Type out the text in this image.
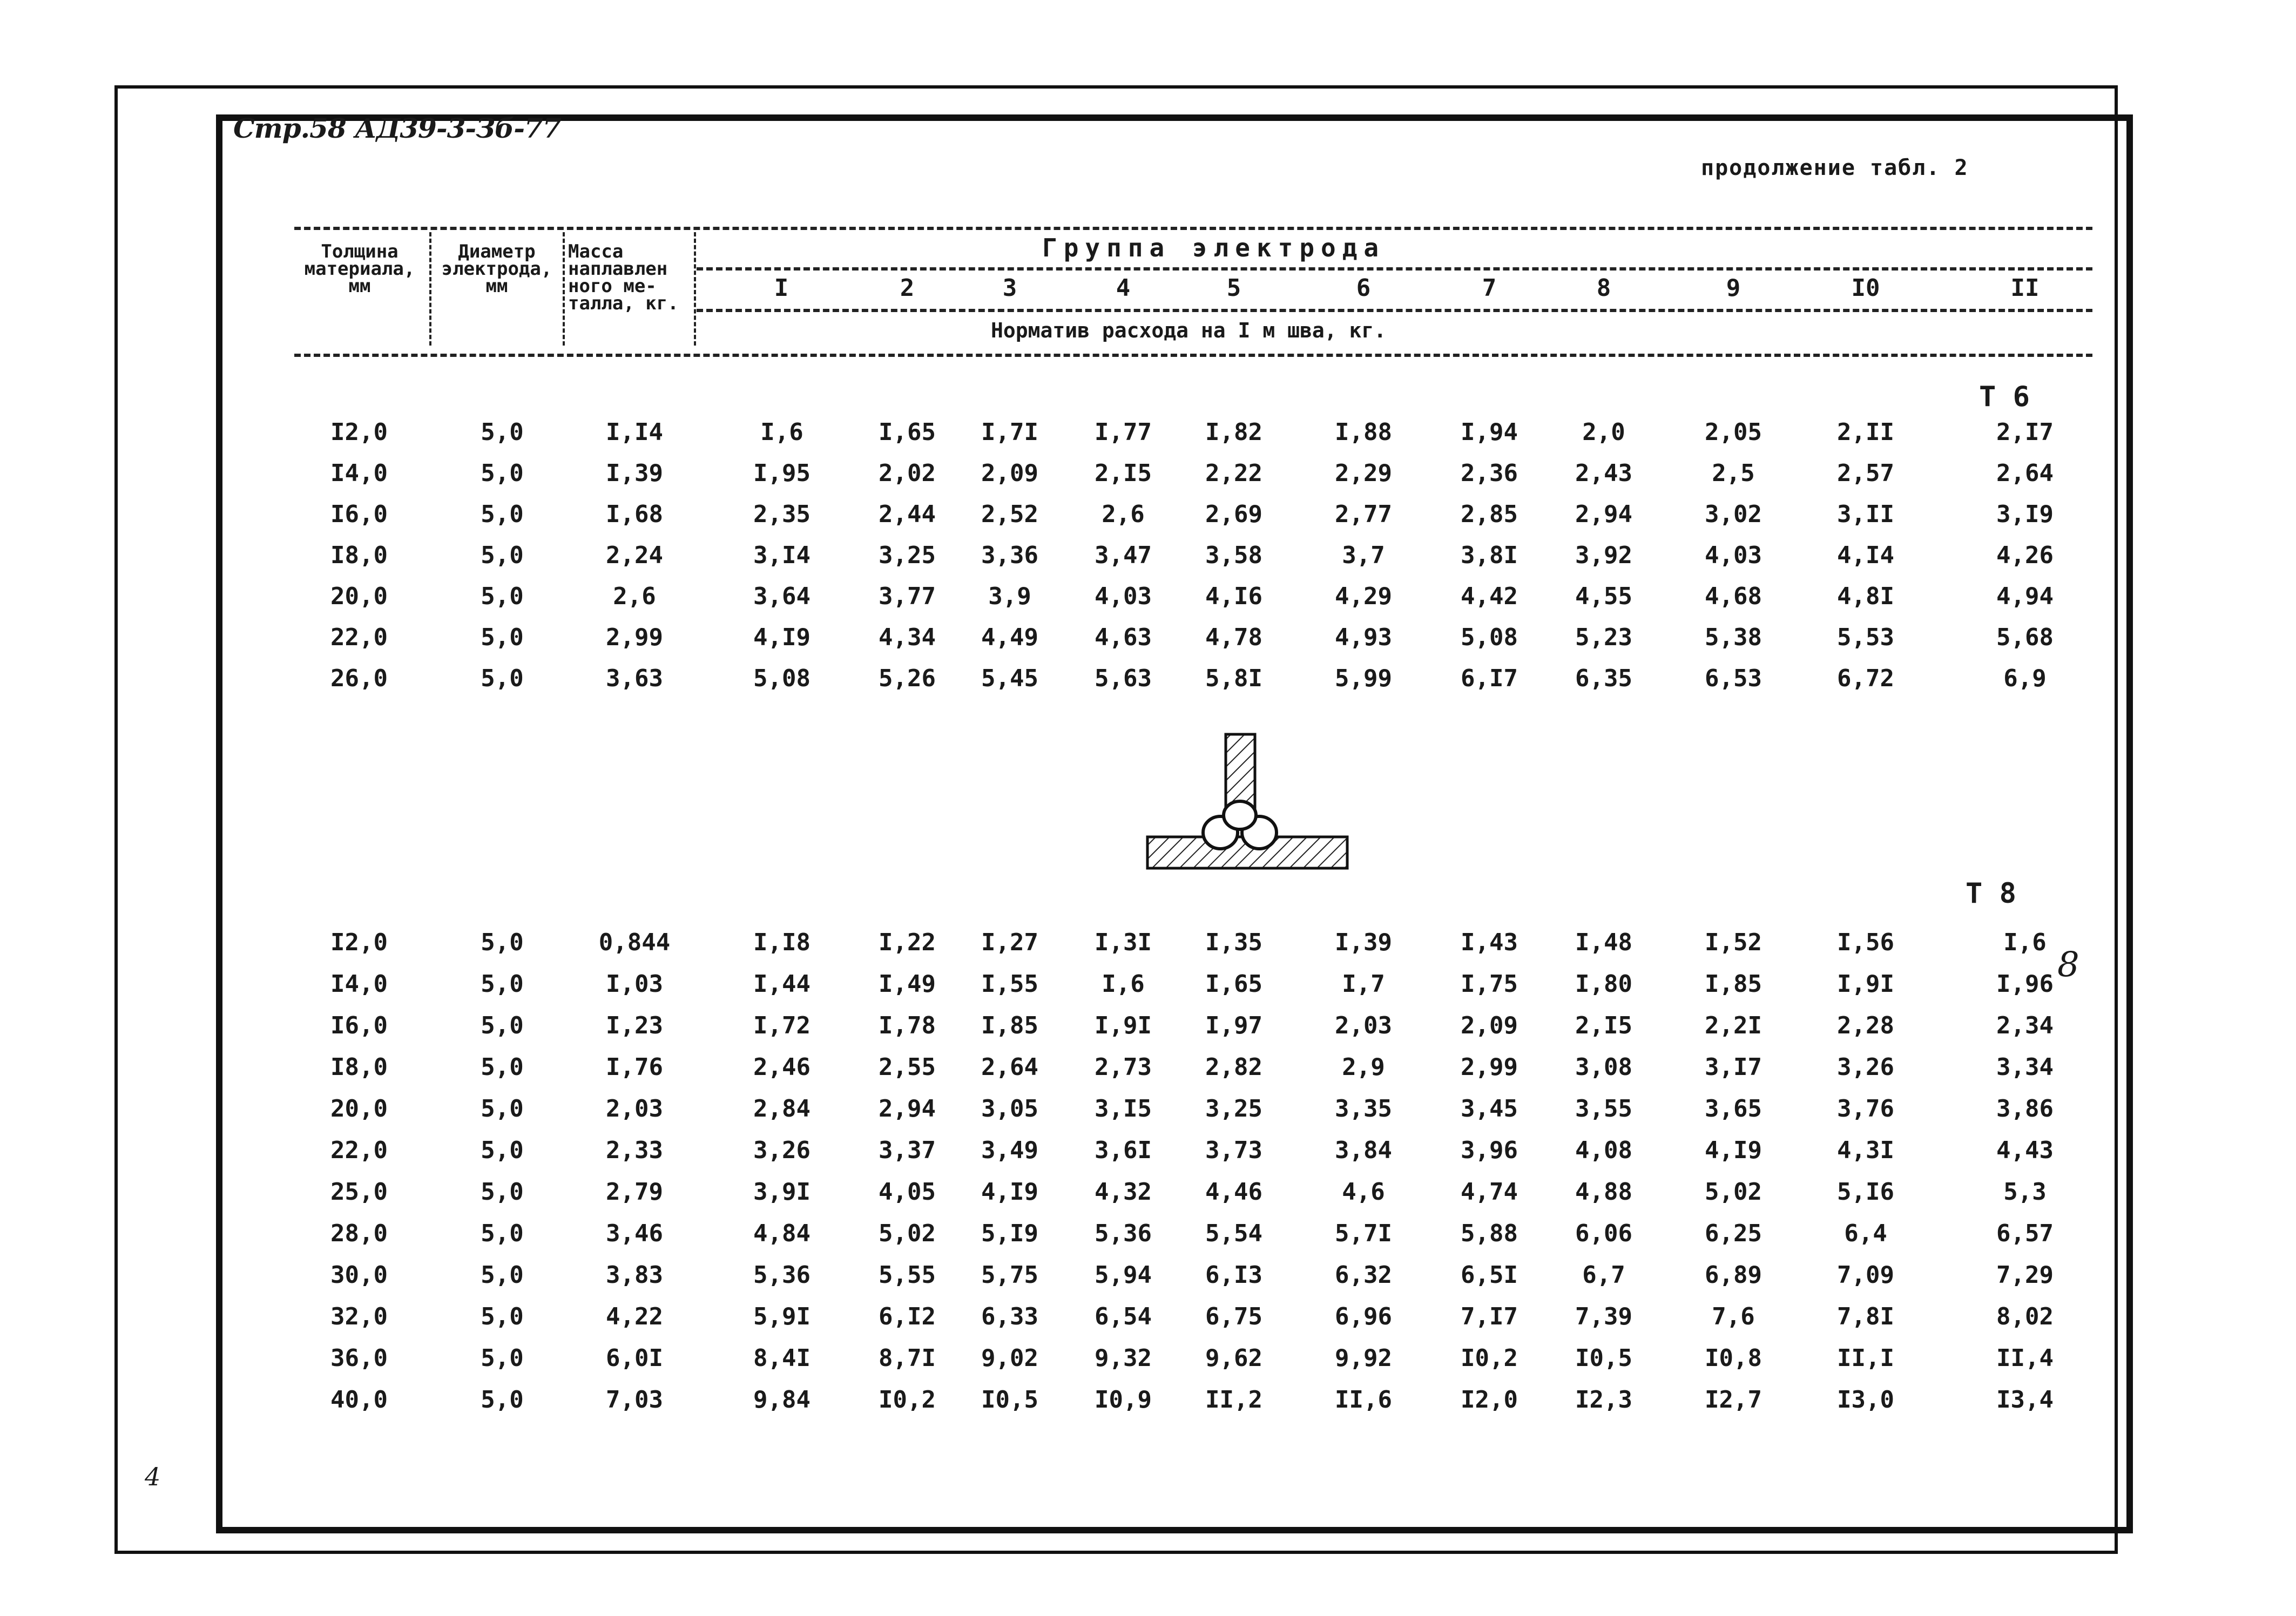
Стр.58 АД39-3-Зб-77
4
продолжение табл. 2
Толщина
материала,
мм
Диаметр
электрода,
мм
Масса
наплавлен
ного ме-
талла, кг.
Группа электрода
Норматив расхода на I м шва, кг.
I	2	3	4	5	6	7	8	9	I0	II
Т 6
Т 8
8
I2,0	5,0	I,I4	I,6	I,65	I,7I	I,77	I,82	I,88	I,94	2,0	2,05	2,II	2,I7
I4,0	5,0	I,39	I,95	2,02	2,09	2,I5	2,22	2,29	2,36	2,43	2,5	2,57	2,64
I6,0	5,0	I,68	2,35	2,44	2,52	2,6	2,69	2,77	2,85	2,94	3,02	3,II	3,I9
I8,0	5,0	2,24	3,I4	3,25	3,36	3,47	3,58	3,7	3,8I	3,92	4,03	4,I4	4,26
20,0	5,0	2,6	3,64	3,77	3,9	4,03	4,I6	4,29	4,42	4,55	4,68	4,8I	4,94
22,0	5,0	2,99	4,I9	4,34	4,49	4,63	4,78	4,93	5,08	5,23	5,38	5,53	5,68
26,0	5,0	3,63	5,08	5,26	5,45	5,63	5,8I	5,99	6,I7	6,35	6,53	6,72	6,9
I2,0	5,0	0,844	I,I8	I,22	I,27	I,3I	I,35	I,39	I,43	I,48	I,52	I,56	I,6
I4,0	5,0	I,03	I,44	I,49	I,55	I,6	I,65	I,7	I,75	I,80	I,85	I,9I	I,96
I6,0	5,0	I,23	I,72	I,78	I,85	I,9I	I,97	2,03	2,09	2,I5	2,2I	2,28	2,34
I8,0	5,0	I,76	2,46	2,55	2,64	2,73	2,82	2,9	2,99	3,08	3,I7	3,26	3,34
20,0	5,0	2,03	2,84	2,94	3,05	3,I5	3,25	3,35	3,45	3,55	3,65	3,76	3,86
22,0	5,0	2,33	3,26	3,37	3,49	3,6I	3,73	3,84	3,96	4,08	4,I9	4,3I	4,43
25,0	5,0	2,79	3,9I	4,05	4,I9	4,32	4,46	4,6	4,74	4,88	5,02	5,I6	5,3
28,0	5,0	3,46	4,84	5,02	5,I9	5,36	5,54	5,7I	5,88	6,06	6,25	6,4	6,57
30,0	5,0	3,83	5,36	5,55	5,75	5,94	6,I3	6,32	6,5I	6,7	6,89	7,09	7,29
32,0	5,0	4,22	5,9I	6,I2	6,33	6,54	6,75	6,96	7,I7	7,39	7,6	7,8I	8,02
36,0	5,0	6,0I	8,4I	8,7I	9,02	9,32	9,62	9,92	I0,2	I0,5	I0,8	II,I	II,4
40,0	5,0	7,03	9,84	I0,2	I0,5	I0,9	II,2	II,6	I2,0	I2,3	I2,7	I3,0	I3,4
